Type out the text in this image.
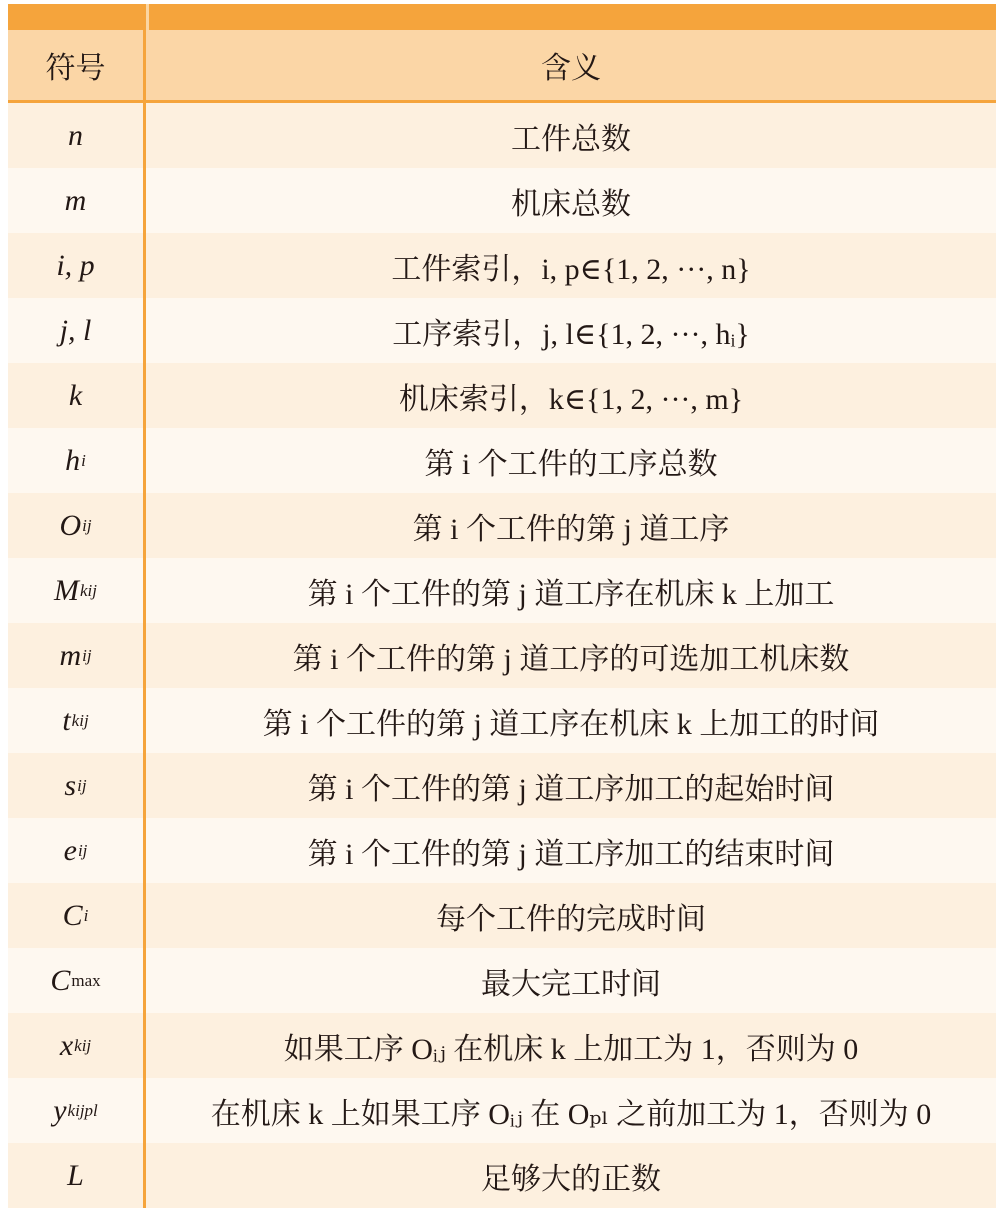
符号	含义
n	工件总数
m	机床总数
i, p	工件索引，i, p∈{1, 2, ···, n}
j, l	工序索引，j, l∈{1, 2, ···, hᵢ}
k	机床索引，k∈{1, 2, ···, m}
h i	第 i 个工件的工序总数
O ij	第 i 个工件的第 j 道工序
M kij	第 i 个工件的第 j 道工序在机床 k 上加工
m ij	第 i 个工件的第 j 道工序的可选加工机床数
t kij	第 i 个工件的第 j 道工序在机床 k 上加工的时间
s ij	第 i 个工件的第 j 道工序加工的起始时间
e ij	第 i 个工件的第 j 道工序加工的结束时间
C i	每个工件的完成时间
C max	最大完工时间
x kij	如果工序 Oᵢⱼ 在机床 k 上加工为 1，否则为 0
y kijpl	在机床 k 上如果工序 Oᵢⱼ 在 Oₚₗ 之前加工为 1，否则为 0
L	足够大的正数
